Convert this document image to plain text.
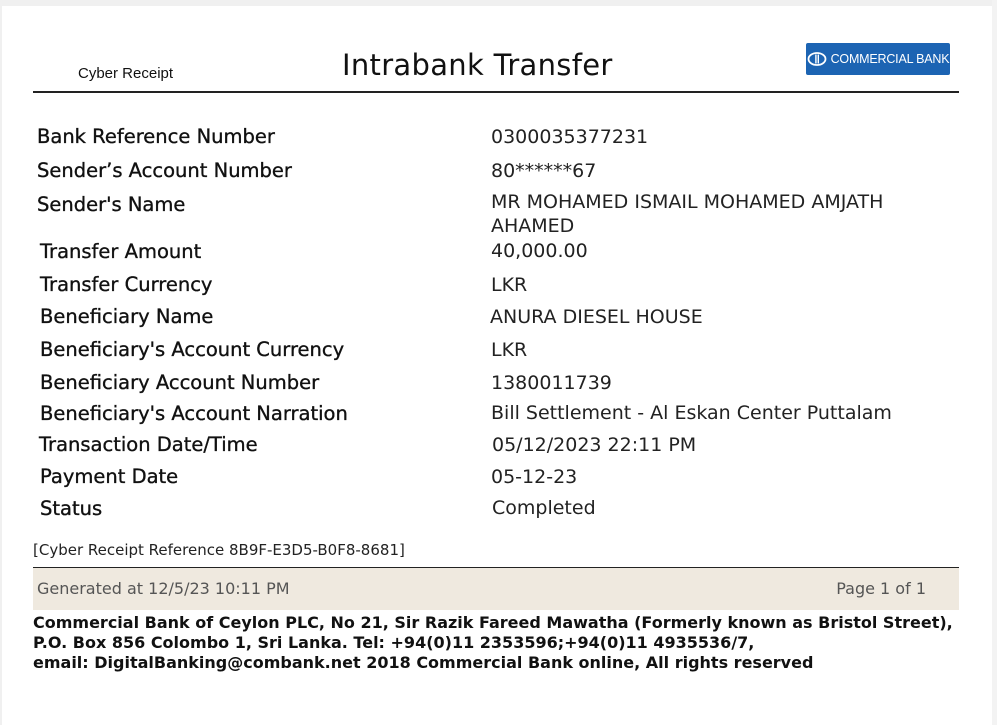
Cyber Receipt	Intrabank Transfer	COMMERCIAL BANK
Bank Reference Number	0300035377231
Sender’s Account Number	80******67
Sender's Name	MR MOHAMED ISMAIL MOHAMED AMJATH
AHAMED
Transfer Amount	40,000.00
Transfer Currency	LKR
Beneficiary Name	ANURA DIESEL HOUSE
Beneficiary's Account Currency	LKR
Beneficiary Account Number	1380011739
Beneficiary's Account Narration	Bill Settlement - Al Eskan Center Puttalam
Transaction Date/Time	05/12/2023 22:11 PM
Payment Date	05-12-23
Status	Completed
[Cyber Receipt Reference 8B9F-E3D5-B0F8-8681]
Generated at 12/5/23 10:11 PM	Page 1 of 1
Commercial Bank of Ceylon PLC, No 21, Sir Razik Fareed Mawatha (Formerly known as Bristol Street),
P.O. Box 856 Colombo 1, Sri Lanka. Tel: +94(0)11 2353596;+94(0)11 4935536/7,
email: DigitalBanking@combank.net 2018 Commercial Bank online, All rights reserved
